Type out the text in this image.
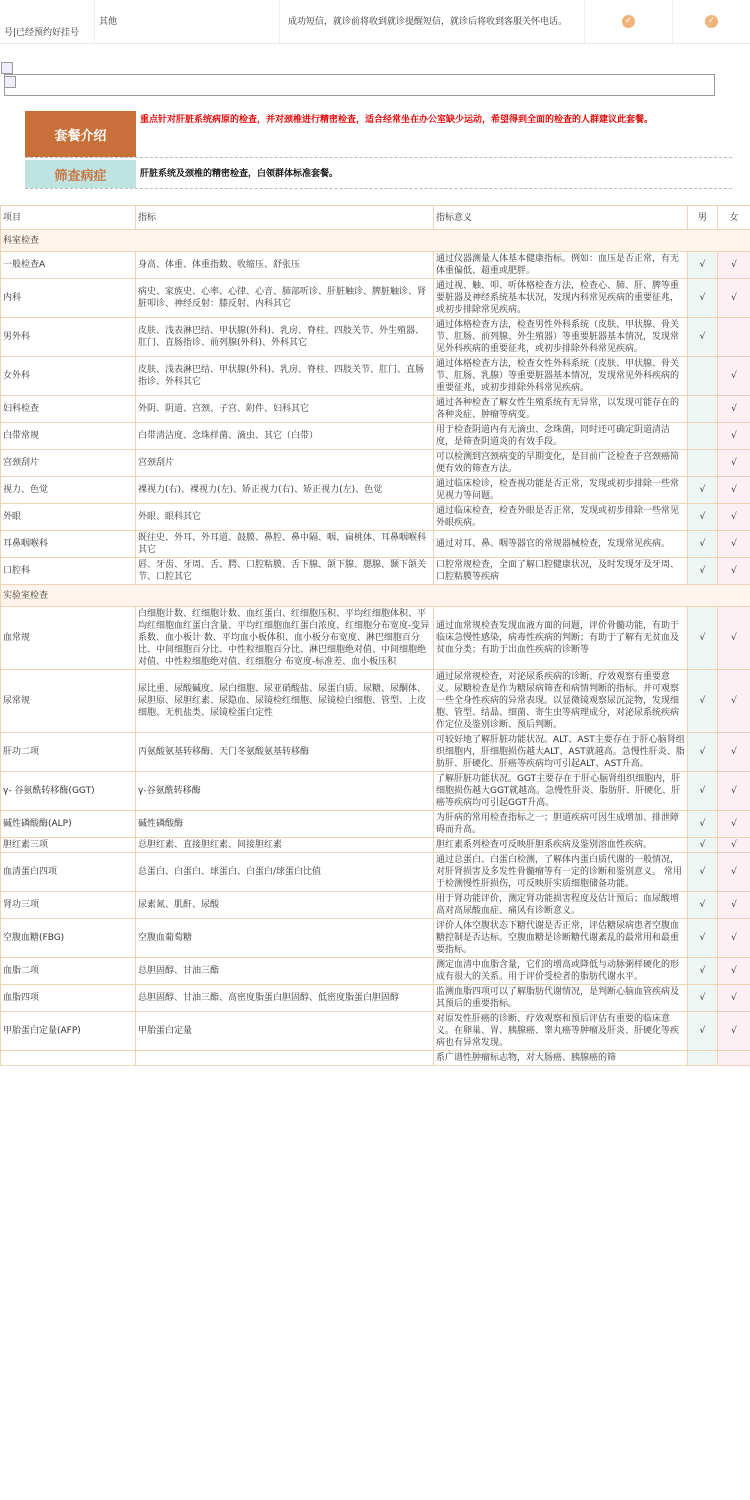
号|已经预约好挂号
其他	成功短信，就诊前将收到就诊提醒短信，就诊后将收到客服关怀电话。	✓	✓
套餐介绍
重点针对肝脏系统病原的检查，并对颈椎进行精密检查，适合经常坐在办公室缺少运动，希望得到全面的检查的人群建议此套餐。
筛查病症	肝脏系统及颈椎的精密检查，白领群体标准套餐。
项目	指标	指标意义	男	女
科室检查				
一般检查A	身高、体重、体重指数、收缩压、舒张压	通过仪器测量人体基本健康指标。例如：血压是否正常，有无体重偏低、超重或肥胖。	√	√
内科	病史、家族史、心率、心律、心音、肺部听诊、肝脏触诊、脾脏触诊、肾脏叩诊、神经反射：膝反射、内科其它	通过视、触、叩、听体格检查方法，检查心、肺、肝、脾等重要脏器及神经系统基本状况，发现内科常见疾病的重要征兆，或初步排除常见疾病。	√	√
男外科	皮肤、浅表淋巴结、甲状腺(外科)、乳房、脊柱、四肢关节、外生殖器、肛门、直肠指诊、前列腺(外科)、外科其它	通过体格检查方法，检查男性外科系统（皮肤、甲状腺、骨关节、肛肠、前列腺、外生殖器）等重要脏器基本情况，发现常见外科疾病的重要征兆，或初步排除外科常见疾病。	√	
女外科	皮肤、浅表淋巴结、甲状腺(外科)、乳房、脊柱、四肢关节、肛门、直肠指诊、外科其它	通过体格检查方法，检查女性外科系统（皮肤、甲状腺、骨关节、肛肠、乳腺）等重要脏器基本情况，发现常见外科疾病的重要征兆，或初步排除外科常见疾病。		√
妇科检查	外阴、阴道、宫颈、子宫、附件、妇科其它	通过各种检查了解女性生殖系统有无异常，以发现可能存在的各种炎症、肿瘤等病变。		√
白带常规	白带清洁度、念珠样菌、滴虫、其它（白带）	用于检查阴道内有无滴虫、念珠菌，同时还可确定阴道清洁度，是筛查阴道炎的有效手段。		√
宫颈刮片	宫颈刮片	可以检测到宫颈病变的早期变化，是目前广泛检查子宫颈癌简便有效的筛查方法。		√
视力、色觉	裸视力(右)、裸视力(左)、矫正视力(右)、矫正视力(左)、色觉	通过临床检诊，检查视功能是否正常，发现或初步排除一些常见视力等问题。	√	√
外眼	外眼、眼科其它	通过临床检查，检查外眼是否正常，发现或初步排除一些常见外眼疾病。	√	√
耳鼻咽喉科	既往史、外耳、外耳道、鼓膜、鼻腔、鼻中隔、咽、扁桃体、耳鼻咽喉科其它	通过对耳、鼻、咽等器官的常规器械检查，发现常见疾病。	√	√
口腔科	唇、牙齿、牙周、舌、腭、口腔粘膜、舌下腺、颌下腺、腮腺、颞下颌关节、口腔其它	口腔常规检查，全面了解口腔健康状况，及时发现牙及牙周、口腔粘膜等疾病	√	√
实验室检查				
血常规	白细胞计数、红细胞计数、血红蛋白、红细胞压积、平均红细胞体积、平均红细胞血红蛋白含量、平均红细胞血红蛋白浓度、红细胞分布宽度-变异系数、血小板计 数、平均血小板体积、血小板分布宽度、淋巴细胞百分比、中间细胞百分比、中性粒细胞百分比、淋巴细胞绝对值、中间细胞绝对值、中性粒细胞绝对值、红细胞分 布宽度-标准差、血小板压积	通过血常规检查发现血液方面的问题，评价骨髓功能，有助于临床急慢性感染，病毒性疾病的判断；有助于了解有无贫血及贫血分类；有助于出血性疾病的诊断等	√	√
尿常规	尿比重、尿酸碱度、尿白细胞、尿亚硝酸盐、尿蛋白质、尿糖、尿酮体、尿胆原、尿胆红素、尿隐血、尿镜检红细胞、尿镜检白细胞、管型、上皮细胞、无机盐类、尿镜检蛋白定性	通过尿常规检查，对泌尿系疾病的诊断、疗效观察有重要意义。尿糖检查是作为糖尿病筛查和病情判断的指标。并可观察一些全身性疾病的异常表现。以显微镜观察尿沉淀物，发现细胞、管型、结晶、细菌、寄生虫等病理成分，对泌尿系统疾病作定位及鉴别诊断、预后判断。	√	√
肝功二项	丙氨酸氨基转移酶、天门冬氨酸氨基转移酶	可较好地了解肝脏功能状况。ALT、AST主要存在于肝心脑肾组织细胞内，肝细胞损伤越大ALT、AST就越高。急慢性肝炎、脂肪肝、肝硬化、肝癌等疾病均可引起ALT、AST升高。	√	√
γ- 谷氨酰转移酶(GGT)	γ-谷氨酰转移酶	了解肝脏功能状况。GGT主要存在于肝心脑肾组织细胞内，肝细胞损伤越大GGT就越高。急慢性肝炎、脂肪肝、肝硬化、肝癌等疾病均可引起GGT升高。	√	√
碱性磷酸酶(ALP)	碱性磷酸酶	为肝病的常用检查指标之一；胆道疾病可因生成增加、排泄障碍而升高。	√	√
胆红素三项	总胆红素、直接胆红素、间接胆红素	胆红素系列检查可反映肝胆系疾病及鉴别溶血性疾病。	√	√
血清蛋白四项	总蛋白、白蛋白、球蛋白、白蛋白/球蛋白比值	通过总蛋白、白蛋白检测，了解体内蛋白质代谢的一般情况，对肝肾损害及多发性骨髓瘤等有一定的诊断和鉴别意义。 常用于检测慢性肝损伤，可反映肝实质细胞储备功能。	√	√
肾功三项	尿素氮、肌酐、尿酸	用于肾功能评价，测定肾功能损害程度及估计预后；血尿酸增高对高尿酸血症、痛风有诊断意义。	√	√
空腹血糖(FBG)	空腹血葡萄糖	评价人体空腹状态下糖代谢是否正常，评估糖尿病患者空腹血糖控制是否达标。空腹血糖是诊断糖代谢紊乱的最常用和最重要指标。	√	√
血脂二项	总胆固醇、甘油三酯	测定血清中血脂含量，它们的增高或降低与动脉粥样硬化的形成有很大的关系。用于评价受检者的脂肪代谢水平。	√	√
血脂四项	总胆固醇、甘油三酯、高密度脂蛋白胆固醇、低密度脂蛋白胆固醇	监测血脂四项可以了解脂肪代谢情况，是判断心脑血管疾病及其预后的重要指标。	√	√
甲胎蛋白定量(AFP)	甲胎蛋白定量	对原发性肝癌的诊断、疗效观察和预后评估有重要的临床意义。在卵巢、胃、胰腺癌、睾丸癌等肿瘤及肝炎、肝硬化等疾病也有异常发现。	√	√
		系广谱性肿瘤标志物，对大肠癌、胰腺癌的筛		
